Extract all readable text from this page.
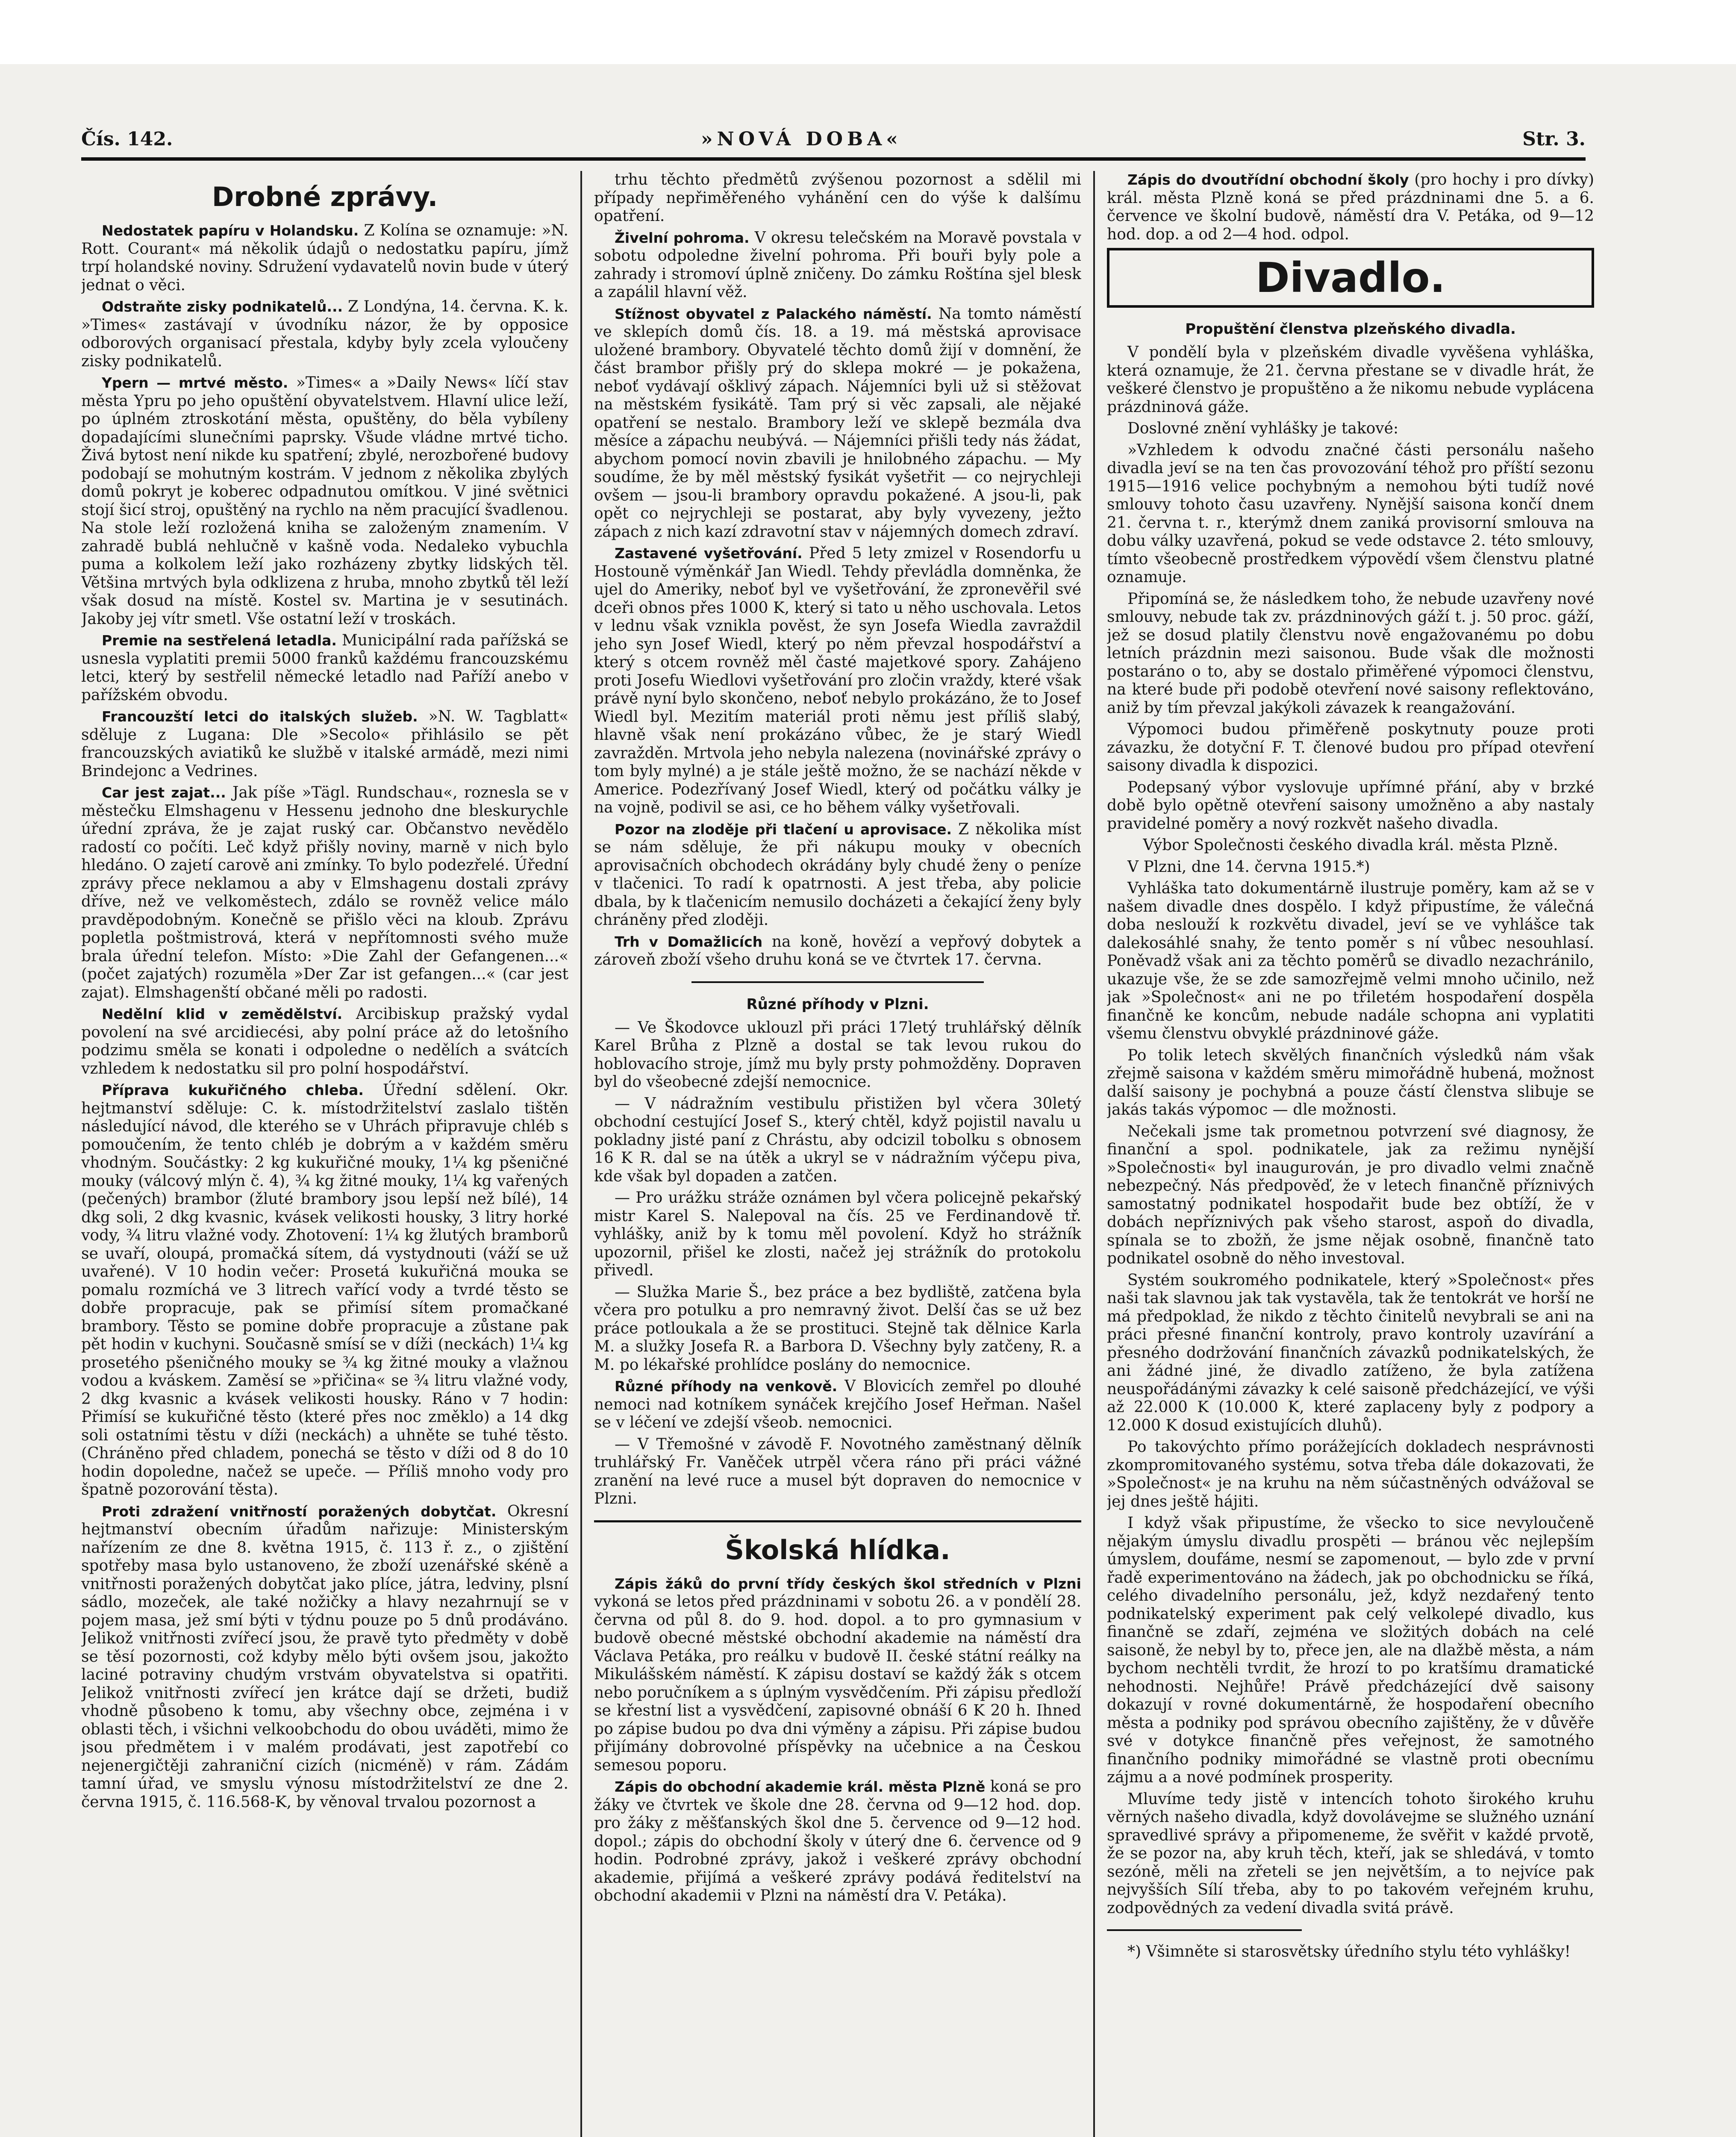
Čís. 142.	»NOVÁ DOBA«	Str. 3.
Drobné zprávy.

Nedostatek papíru v Holandsku. Z Kolína se oznamuje: »N. Rott. Courant« má několik údajů o nedostatku papíru, jímž trpí holandské noviny. Sdružení vydavatelů novin bude v úterý jednat o věci.

Odstraňte zisky podnikatelů... Z Londýna, 14. června. K. k. »Times« zastávají v úvodníku názor, že by opposice odborových organisací přestala, kdyby byly zcela vyloučeny zisky podnikatelů.

Ypern — mrtvé město. »Times« a »Daily News« líčí stav města Ypru po jeho opuštění obyvatelstvem. Hlavní ulice leží, po úplném ztroskotání města, opuštěny, do běla vybíleny dopadajícími slunečními paprsky. Všude vládne mrtvé ticho. Živá bytost není nikde ku spatření; zbylé, nerozbořené budovy podobají se mohutným kostrám. V jednom z několika zbylých domů pokryt je koberec odpadnutou omítkou. V jiné světnici stojí šicí stroj, opuštěný na rychlo na něm pracující švadlenou. Na stole leží rozložená kniha se založeným znamením. V zahradě bublá nehlučně v kašně voda. Nedaleko vybuchla puma a kolkolem leží jako rozházeny zbytky lidských těl. Většina mrtvých byla odklizena z hruba, mnoho zbytků těl leží však dosud na místě. Kostel sv. Martina je v sesutinách. Jakoby jej vítr smetl. Vše ostatní leží v troskách.

Premie na sestřelená letadla. Municipální rada pařížská se usnesla vyplatiti premii 5000 franků každému francouzskému letci, který by sestřelil německé letadlo nad Paříží anebo v pařížském obvodu.

Francouzští letci do italských služeb. »N. W. Tagblatt« sděluje z Lugana: Dle »Secolo« přihlásilo se pět francouzských aviatiků ke službě v italské armádě, mezi nimi Brindejonc a Vedrines.

Car jest zajat... Jak píše »Tägl. Rundschau«, roznesla se v městečku Elmshagenu v Hessenu jednoho dne bleskurychle úřední zpráva, že je zajat ruský car. Občanstvo nevědělo radostí co počíti. Leč když přišly noviny, marně v nich bylo hledáno. O zajetí carově ani zmínky. To bylo podezřelé. Úřední zprávy přece neklamou a aby v Elmshagenu dostali zprávy dříve, než ve velkoměstech, zdálo se rovněž velice málo pravděpodobným. Konečně se přišlo věci na kloub. Zprávu popletla poštmistrová, která v nepřítomnosti svého muže brala úřední telefon. Místo: »Die Zahl der Gefangenen...« (počet zajatých) rozuměla »Der Zar ist gefangen...« (car jest zajat). Elmshagenští občané měli po radosti.

Nedělní klid v zemědělství. Arcibiskup pražský vydal povolení na své arcidiecési, aby polní práce až do letošního podzimu směla se konati i odpoledne o nedělích a svátcích vzhledem k nedostatku sil pro polní hospodářství.

Příprava kukuřičného chleba. Úřední sdělení. Okr. hejtmanství sděluje: C. k. místodržitelství zaslalo tištěn následující návod, dle kterého se v Uhrách připravuje chléb s pomoučením, že tento chléb je dobrým a v každém směru vhodným. Součástky: 2 kg kukuřičné mouky, 1¼ kg pšeničné mouky (válcový mlýn č. 4), ¾ kg žitné mouky, 1¼ kg vařených (pečených) brambor (žluté brambory jsou lepší než bílé), 14 dkg soli, 2 dkg kvasnic, kvásek velikosti housky, 3 litry horké vody, ¾ litru vlažné vody. Zhotovení: 1¼ kg žlutých bramborů se uvaří, oloupá, promačká sítem, dá vystydnouti (váží se už uvařené). V 10 hodin večer: Prosetá kukuřičná mouka se pomalu rozmíchá ve 3 litrech vařící vody a tvrdé těsto se dobře propracuje, pak se přimísí sítem promačkané brambory. Těsto se pomine dobře propracuje a zůstane pak pět hodin v kuchyni. Současně smísí se v díži (neckách) 1¼ kg prosetého pšeničného mouky se ¾ kg žitné mouky a vlažnou vodou a kváskem. Zaměsí se »přičina« se ¾ litru vlažné vody, 2 dkg kvasnic a kvásek velikosti housky. Ráno v 7 hodin: Přimísí se kukuřičné těsto (které přes noc změklo) a 14 dkg soli ostatními těstu v díži (neckách) a uhněte se tuhé těsto. (Chráněno před chladem, ponechá se těsto v díži od 8 do 10 hodin dopoledne, načež se upeče. — Příliš mnoho vody pro špatně pozorování těsta).

Proti zdražení vnitřností poražených dobytčat. Okresní hejtmanství obecním úřadům nařizuje: Ministerským nařízením ze dne 8. května 1915, č. 113 ř. z., o zjištění spotřeby masa bylo ustanoveno, že zboží uzenářské skéně a vnitřnosti poražených dobytčat jako plíce, játra, ledviny, plsní sádlo, mozeček, ale také nožičky a hlavy nezahrnují se v pojem masa, jež smí býti v týdnu pouze po 5 dnů prodáváno. Jelikož vnitřnosti zvířecí jsou, že pravě tyto předměty v době se těsí pozornosti, což kdyby mělo býti ovšem jsou, jakožto laciné potraviny chudým vrstvám obyvatelstva si opatřiti. Jelikož vnitřnosti zvířecí jen krátce dají se držeti, budiž vhodně působeno k tomu, aby všechny obce, zejména i v oblasti těch, i všichni velkoobchodu do obou uváděti, mimo že jsou předmětem i v malém prodávati, jest zapotřebí co nejenergičtěji zahraniční cizích (nicméně) v rám. Zádám tamní úřad, ve smyslu výnosu místodržitelství ze dne 2. června 1915, č. 116.568-K, by věnoval trvalou pozornost a

trhu těchto předmětů zvýšenou pozornost a sdělil mi případy nepřiměřeného vyhánění cen do výše k dalšímu opatření.

Živelní pohroma. V okresu telečském na Moravě povstala v sobotu odpoledne živelní pohroma. Při bouři byly pole a zahrady i stromoví úplně zničeny. Do zámku Roštína sjel blesk a zapálil hlavní věž.

Stížnost obyvatel z Palackého náměstí. Na tomto náměstí ve sklepích domů čís. 18. a 19. má městská aprovisace uložené brambory. Obyvatelé těchto domů žijí v domnění, že část brambor přišly prý do sklepa mokré — je pokažena, neboť vydávají ošklivý zápach. Nájemníci byli už si stěžovat na městském fysikátě. Tam prý si věc zapsali, ale nějaké opatření se nestalo. Brambory leží ve sklepě bezmála dva měsíce a zápachu neubývá. — Nájemníci přišli tedy nás žádat, abychom pomocí novin zbavili je hnilobného zápachu. — My soudíme, že by měl městský fysikát vyšetřit — co nejrychleji ovšem — jsou-li brambory opravdu pokažené. A jsou-li, pak opět co nejrychleji se postarat, aby byly vyvezeny, ježto zápach z nich kazí zdravotní stav v nájemných domech zdraví.

Zastavené vyšetřování. Před 5 lety zmizel v Rosendorfu u Hostouně výměnkář Jan Wiedl. Tehdy převládla domněnka, že ujel do Ameriky, neboť byl ve vyšetřování, že zpronevěřil své dceři obnos přes 1000 K, který si tato u něho uschovala. Letos v lednu však vznikla pověst, že syn Josefa Wiedla zavraždil jeho syn Josef Wiedl, který po něm převzal hospodářství a který s otcem rovněž měl časté majetkové spory. Zahájeno proti Josefu Wiedlovi vyšetřování pro zločin vraždy, které však právě nyní bylo skončeno, neboť nebylo prokázáno, že to Josef Wiedl byl. Mezitím materiál proti němu jest příliš slabý, hlavně však není prokázáno vůbec, že je starý Wiedl zavražděn. Mrtvola jeho nebyla nalezena (novinářské zprávy o tom byly mylné) a je stále ještě možno, že se nachází někde v Americe. Podezřívaný Josef Wiedl, který od počátku války je na vojně, podivil se asi, ce ho během války vyšetřovali.

Pozor na zloděje při tlačení u aprovisace. Z několika míst se nám sděluje, že při nákupu mouky v obecních aprovisačních obchodech okrádány byly chudé ženy o peníze v tlačenici. To radí k opatrnosti. A jest třeba, aby policie dbala, by k tlačenicím nemusilo docházeti a čekající ženy byly chráněny před zloději.

Trh v Domažlicích na koně, hovězí a vepřový dobytek a zároveň zboží všeho druhu koná se ve čtvrtek 17. června.

Různé příhody v Plzni.

— Ve Škodovce uklouzl při práci 17letý truhlářský dělník Karel Brůha z Plzně a dostal se tak levou rukou do hoblovacího stroje, jímž mu byly prsty pohmožděny. Dopraven byl do všeobecné zdejší nemocnice.

— V nádražním vestibulu přistižen byl včera 30letý obchodní cestující Josef S., který chtěl, když pojistil navalu u pokladny jisté paní z Chrástu, aby odcizil tobolku s obnosem 16 K R. dal se na útěk a ukryl se v nádražním výčepu piva, kde však byl dopaden a zatčen.

— Pro urážku stráže oznámen byl včera policejně pekařský mistr Karel S. Nalepoval na čís. 25 ve Ferdinandově tř. vyhlášky, aniž by k tomu měl povolení. Když ho strážník upozornil, přišel ke zlosti, načež jej strážník do protokolu přivedl.

— Služka Marie Š., bez práce a bez bydliště, zatčena byla včera pro potulku a pro nemravný život. Delší čas se už bez práce potloukala a že se prostituci. Stejně tak dělnice Karla M. a služky Josefa R. a Barbora D. Všechny byly zatčeny, R. a M. po lékařské prohlídce poslány do nemocnice.

Různé příhody na venkově. V Blovicích zemřel po dlouhé nemoci nad kotníkem synáček krejčího Josef Heřman. Našel se v léčení ve zdejší všeob. nemocnici.

— V Třemošné v závodě F. Novotného zaměstnaný dělník truhlářský Fr. Vaněček utrpěl včera ráno při práci vážné zranění na levé ruce a musel být dopraven do nemocnice v Plzni.

Školská hlídka.

Zápis žáků do první třídy českých škol středních v Plzni vykoná se letos před prázdninami v sobotu 26. a v pondělí 28. června od půl 8. do 9. hod. dopol. a to pro gymnasium v budově obecné městské obchodní akademie na náměstí dra Václava Petáka, pro reálku v budově II. české státní reálky na Mikulášském náměstí. K zápisu dostaví se každý žák s otcem nebo poručníkem a s úplným vysvědčením. Při zápisu předloží se křestní list a vysvědčení, zapisovné obnáší 6 K 20 h. Ihned po zápise budou po dva dni výměny a zápisu. Při zápise budou přijímány dobrovolné příspěvky na učebnice a na Českou semesou poporu.

Zápis do obchodní akademie král. města Plzně koná se pro žáky ve čtvrtek ve škole dne 28. června od 9—12 hod. dop. pro žáky z měšťanských škol dne 5. července od 9—12 hod. dopol.; zápis do obchodní školy v úterý dne 6. července od 9 hodin. Podrobné zprávy, jakož i veškeré zprávy obchodní akademie, přijímá a veškeré zprávy podává ředitelství na obchodní akademii v Plzni na náměstí dra V. Petáka).

Zápis do dvoutřídní obchodní školy (pro hochy i pro dívky) král. města Plzně koná se před prázdninami dne 5. a 6. července ve školní budově, náměstí dra V. Petáka, od 9—12 hod. dop. a od 2—4 hod. odpol.

Divadlo.
Propuštění členstva plzeňského divadla.

V pondělí byla v plzeňském divadle vyvěšena vyhláška, která oznamuje, že 21. června přestane se v divadle hrát, že veškeré členstvo je propuštěno a že nikomu nebude vyplácena prázdninová gáže.

Doslovné znění vyhlášky je takové:

»Vzhledem k odvodu značné části personálu našeho divadla jeví se na ten čas provozování téhož pro příští sezonu 1915—1916 velice pochybným a nemohou býti tudíž nové smlouvy tohoto času uzavřeny. Nynější saisona končí dnem 21. června t. r., kterýmž dnem zaniká provisorní smlouva na dobu války uzavřená, pokud se vede odstavce 2. této smlouvy, tímto všeobecně prostředkem výpovědí všem členstvu platné oznamuje.

Připomíná se, že následkem toho, že nebude uzavřeny nové smlouvy, nebude tak zv. prázdninových gáží t. j. 50 proc. gáží, jež se dosud platily členstvu nově engažovanému po dobu letních prázdnin mezi saisonou. Bude však dle možnosti postaráno o to, aby se dostalo přiměřené výpomoci členstvu, na které bude při podobě otevření nové saisony reflektováno, aniž by tím převzal jakýkoli závazek k reangažování.

Výpomoci budou přiměřeně poskytnuty pouze proti závazku, že dotyční F. T. členové budou pro případ otevření saisony divadla k dispozici.

Podepsaný výbor vyslovuje upřímné přání, aby v brzké době bylo opětně otevření saisony umožněno a aby nastaly pravidelné poměry a nový rozkvět našeho divadla.

Výbor Společnosti českého divadla král. města Plzně.

V Plzni, dne 14. června 1915.*)

Vyhláška tato dokumentárně ilustruje poměry, kam až se v našem divadle dnes dospělo. I když připustíme, že válečná doba neslouží k rozkvětu divadel, jeví se ve vyhlášce tak dalekosáhlé snahy, že tento poměr s ní vůbec nesouhlasí. Poněvadž však ani za těchto poměrů se divadlo nezachránilo, ukazuje vše, že se zde samozřejmě velmi mnoho učinilo, než jak »Společnost« ani ne po třiletém hospodaření dospěla finančně ke koncům, nebude nadále schopna ani vyplatiti všemu členstvu obvyklé prázdninové gáže.

Po tolik letech skvělých finančních výsledků nám však zřejmě saisona v každém směru mimořádně hubená, možnost další saisony je pochybná a pouze částí členstva slibuje se jakás takás výpomoc — dle možnosti.

Nečekali jsme tak prometnou potvrzení své diagnosy, že finanční a spol. podnikatele, jak za režimu nynější »Společnosti« byl inaugurován, je pro divadlo velmi značně nebezpečný. Nás předpověď, že v letech finančně příznivých samostatný podnikatel hospodařit bude bez obtíží, že v dobách nepříznivých pak všeho starost, aspoň do divadla, spínala se to zbožň, že jsme nějak osobně, finančně tato podnikatel osobně do něho investoval.

Systém soukromého podnikatele, který »Společnost« přes naši tak slavnou jak tak vystavěla, tak že tentokrát ve horší ne má předpoklad, že nikdo z těchto činitelů nevybrali se ani na práci přesné finanční kontroly, pravo kontroly uzavírání a přesného dodržování finančních závazků podnikatelských, že ani žádné jiné, že divadlo zatíženo, že byla zatížena neuspořádánými závazky k celé saisoně předcházející, ve výši až 22.000 K (10.000 K, které zaplaceny byly z podpory a 12.000 K dosud existujících dluhů).

Po takovýchto přímo porážejících dokladech nesprávnosti zkompromitovaného systému, sotva třeba dále dokazovati, že »Společnost« je na kruhu na něm súčastněných odvážoval se jej dnes ještě hájiti.

I když však připustíme, že všecko to sice nevyloučeně nějakým úmyslu divadlu prospěti — bránou věc nejlepším úmyslem, doufáme, nesmí se zapomenout, — bylo zde v první řadě experimentováno na žádech, jak po obchodnicku se říká, celého divadelního personálu, jež, když nezdařený tento podnikatelský experiment pak celý velkolepé divadlo, kus finančně se zdaří, zejména ve složitých dobách na celé saisoně, že nebyl by to, přece jen, ale na dlažbě města, a nám bychom nechtěli tvrdit, že hrozí to po kratšímu dramatické nehodnosti. Nejhůře! Právě předcházející dvě saisony dokazují v rovné dokumentárně, že hospodaření obecního města a podniky pod správou obecního zajištěny, že v důvěře své v dotykce finančně přes veřejnost, že samotného finančního podniky mimořádné se vlastně proti obecnímu zájmu a a nové podmínek prosperity.

Mluvíme tedy jistě v intencích tohoto širokého kruhu věrných našeho divadla, když dovolávejme se služného uznání spravedlivé správy a připomeneme, že svěřit v každé prvotě, že se pozor na, aby kruh těch, kteří, jak se shledává, v tomto sezóně, měli na zřeteli se jen největším, a to nejvíce pak nejvyšších Sílí třeba, aby to po takovém veřejném kruhu, zodpovědných za vedení divadla svitá právě.

*) Všimněte si starosvětsky úředního stylu této vyhlášky!
